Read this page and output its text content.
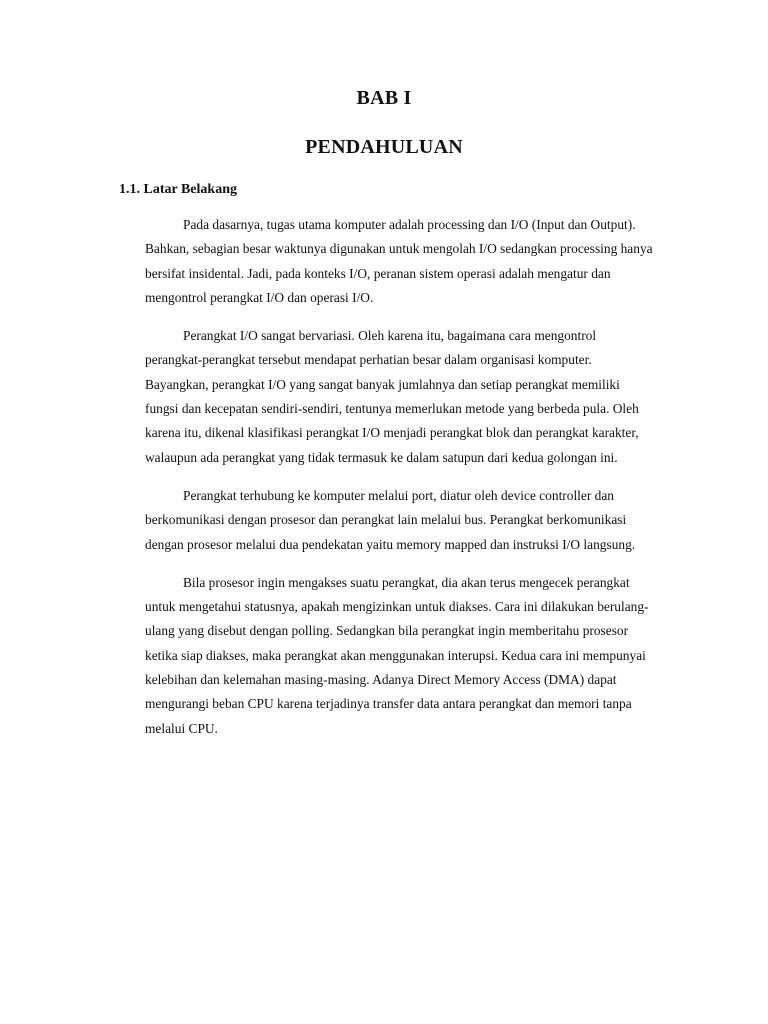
BAB I
PENDAHULUAN
1.1. Latar Belakang

Pada dasarnya, tugas utama komputer adalah processing dan I/O (Input dan Output). Bahkan, sebagian besar waktunya digunakan untuk mengolah I/O sedangkan processing hanya bersifat insidental. Jadi, pada konteks I/O, peranan sistem operasi adalah mengatur dan mengontrol perangkat I/O dan operasi I/O.

Perangkat I/O sangat bervariasi. Oleh karena itu, bagaimana cara mengontrol perangkat-perangkat tersebut mendapat perhatian besar dalam organisasi komputer. Bayangkan, perangkat I/O yang sangat banyak jumlahnya dan setiap perangkat memiliki fungsi dan kecepatan sendiri-sendiri, tentunya memerlukan metode yang berbeda pula. Oleh karena itu, dikenal klasifikasi perangkat I/O menjadi perangkat blok dan perangkat karakter, walaupun ada perangkat yang tidak termasuk ke dalam satupun dari kedua golongan ini.

Perangkat terhubung ke komputer melalui port, diatur oleh device controller dan berkomunikasi dengan prosesor dan perangkat lain melalui bus. Perangkat berkomunikasi dengan prosesor melalui dua pendekatan yaitu memory mapped dan instruksi I/O langsung.

Bila prosesor ingin mengakses suatu perangkat, dia akan terus mengecek perangkat untuk mengetahui statusnya, apakah mengizinkan untuk diakses. Cara ini dilakukan berulang-ulang yang disebut dengan polling. Sedangkan bila perangkat ingin memberitahu prosesor ketika siap diakses, maka perangkat akan menggunakan interupsi. Kedua cara ini mempunyai kelebihan dan kelemahan masing-masing. Adanya Direct Memory Access (DMA) dapat mengurangi beban CPU karena terjadinya transfer data antara perangkat dan memori tanpa melalui CPU.
